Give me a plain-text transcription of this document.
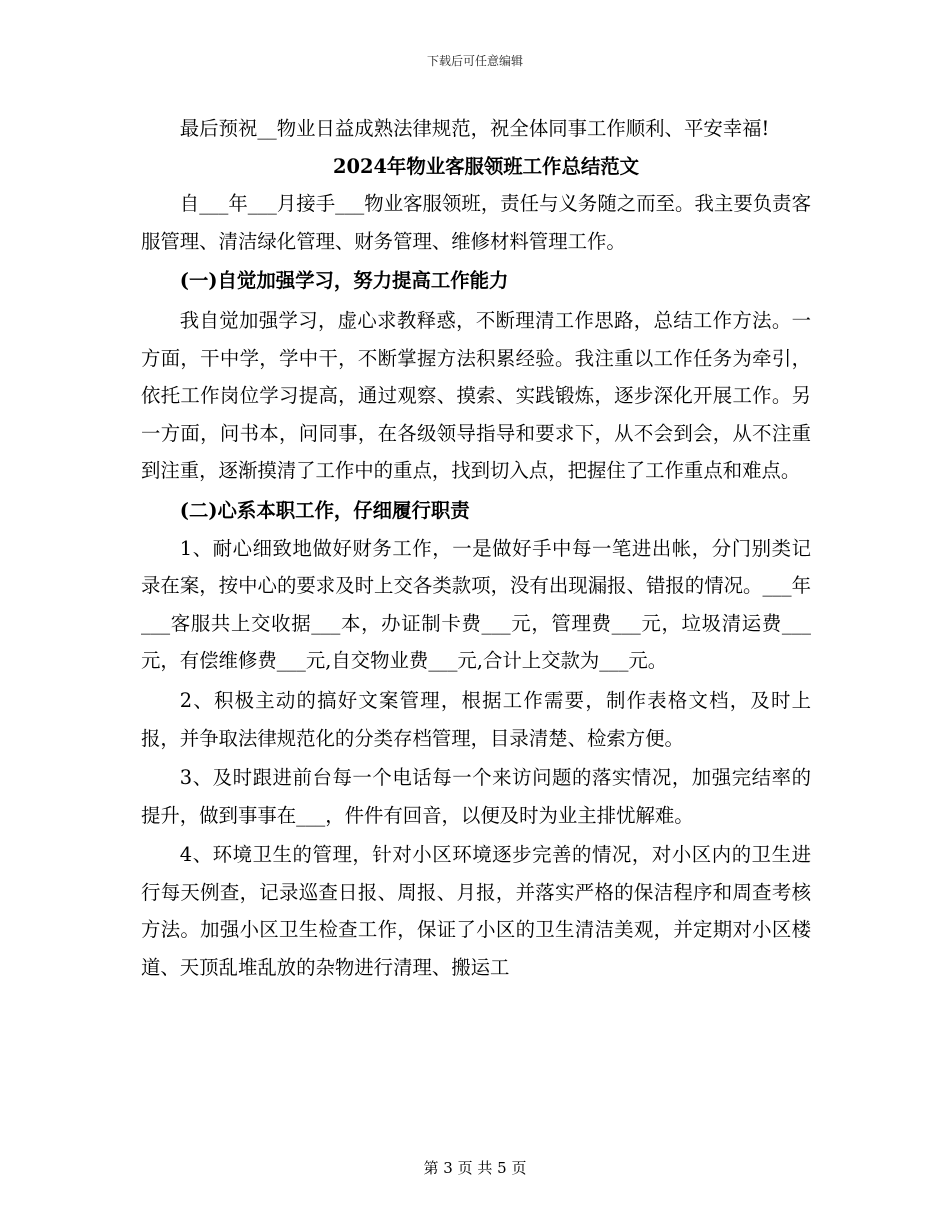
下载后可任意编辑

最后预祝__物业日益成熟法律规范，祝全体同事工作顺利、平安幸福!

2024年物业客服领班工作总结范文

自___年___月接手___物业客服领班，责任与义务随之而至。我主要负责客服管理、清洁绿化管理、财务管理、维修材料管理工作。

(一)自觉加强学习，努力提高工作能力

我自觉加强学习，虚心求教释惑，不断理清工作思路，总结工作方法。一方面，干中学，学中干，不断掌握方法积累经验。我注重以工作任务为牵引，依托工作岗位学习提高，通过观察、摸索、实践锻炼，逐步深化开展工作。另一方面，问书本，问同事，在各级领导指导和要求下，从不会到会，从不注重到注重，逐渐摸清了工作中的重点，找到切入点，把握住了工作重点和难点。

(二)心系本职工作，仔细履行职责

1、耐心细致地做好财务工作，一是做好手中每一笔进出帐，分门别类记录在案，按中心的要求及时上交各类款项，没有出现漏报、错报的情况。___年___客服共上交收据___本，办证制卡费___元，管理费___元，垃圾清运费___元，有偿维修费___元,自交物业费___元,合计上交款为___元。

2、积极主动的搞好文案管理，根据工作需要，制作表格文档，及时上报，并争取法律规范化的分类存档管理，目录清楚、检索方便。

3、及时跟进前台每一个电话每一个来访问题的落实情况，加强完结率的提升，做到事事在___，件件有回音，以便及时为业主排忧解难。

4、环境卫生的管理，针对小区环境逐步完善的情况，对小区内的卫生进行每天例查，记录巡查日报、周报、月报，并落实严格的保洁程序和周查考核方法。加强小区卫生检查工作，保证了小区的卫生清洁美观，并定期对小区楼道、天顶乱堆乱放的杂物进行清理、搬运工

第 3 页 共 5 页
